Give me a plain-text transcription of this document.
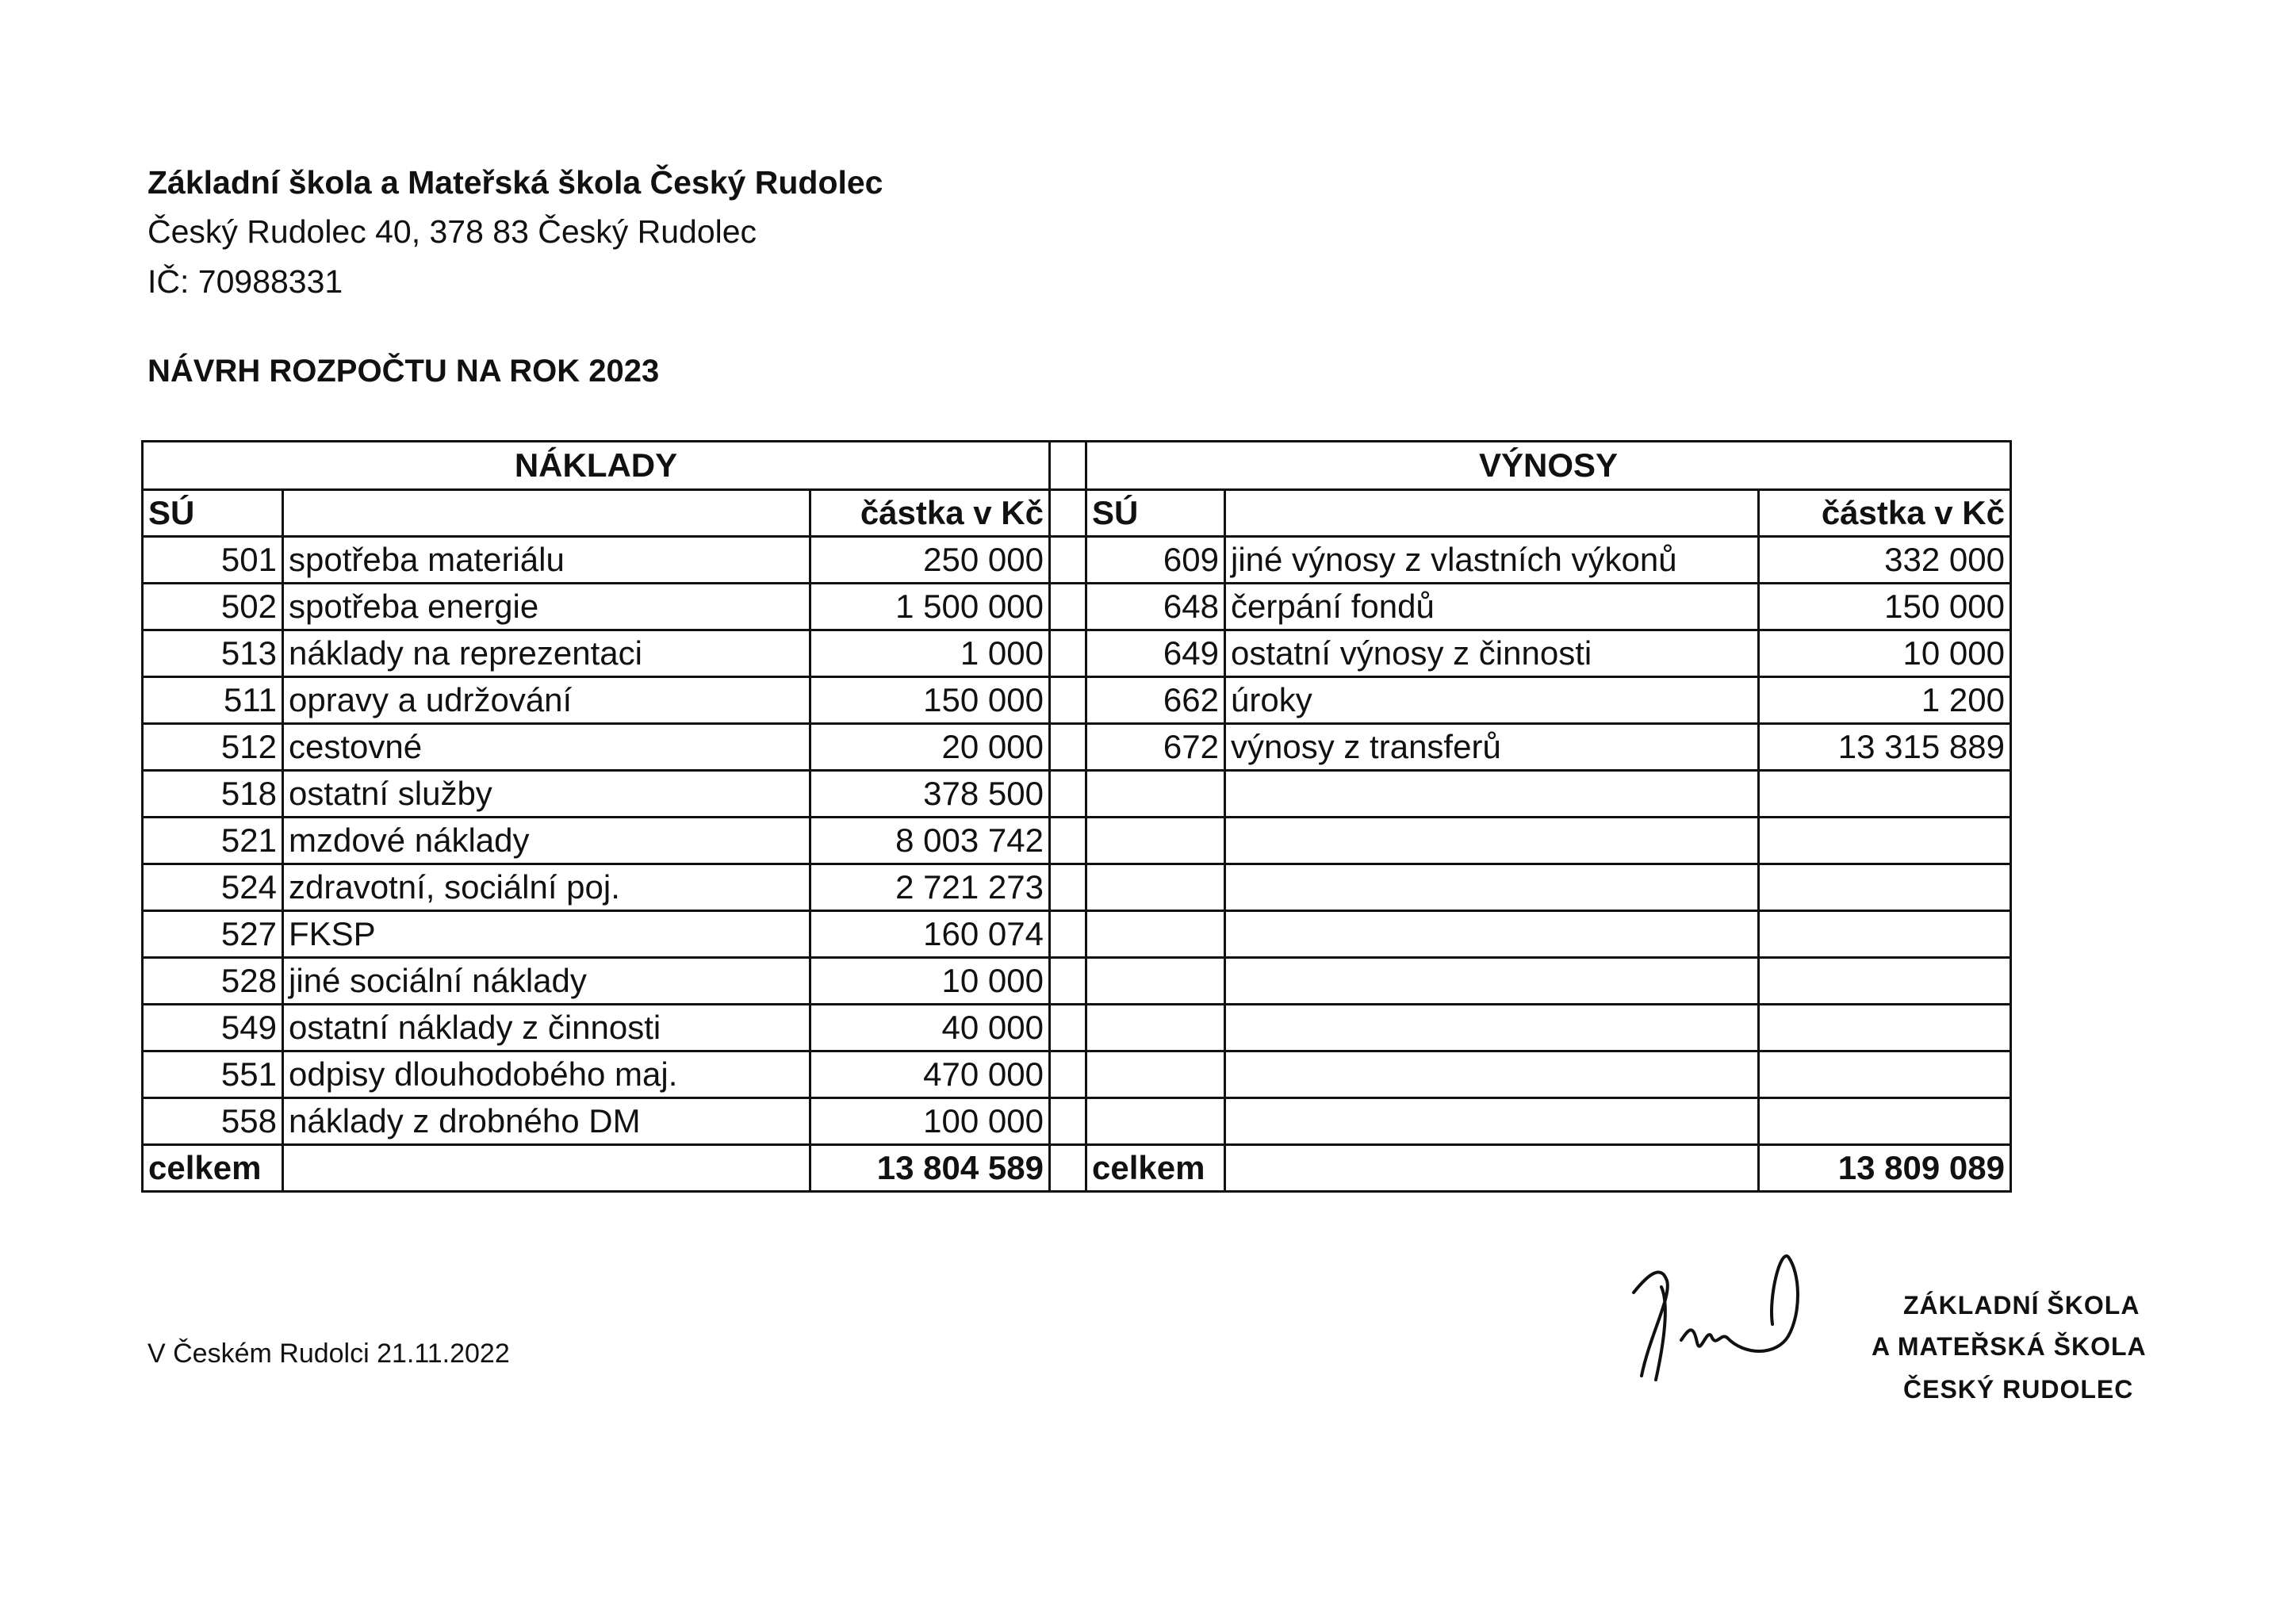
Základní škola a Mateřská škola Český Rudolec
Český Rudolec 40, 378 83 Český Rudolec
IČ: 70988331
NÁVRH ROZPOČTU NA ROK 2023
NÁKLADY				VÝNOSY		
SÚ		částka v Kč		SÚ		částka v Kč
501	spotřeba materiálu	250 000		609	jiné výnosy z vlastních výkonů	332 000
502	spotřeba energie	1 500 000		648	čerpání fondů	150 000
513	náklady na reprezentaci	1 000		649	ostatní výnosy z činnosti	10 000
511	opravy a udržování	150 000		662	úroky	1 200
512	cestovné	20 000		672	výnosy z transferů	13 315 889
518	ostatní služby	378 500				
521	mzdové náklady	8 003 742				
524	zdravotní, sociální poj.	2 721 273				
527	FKSP	160 074				
528	jiné sociální náklady	10 000				
549	ostatní náklady z činnosti	40 000				
551	odpisy dlouhodobého maj.	470 000				
558	náklady z drobného DM	100 000				
celkem		13 804 589		celkem		13 809 089
V Českém Rudolci 21.11.2022
ZÁKLADNÍ ŠKOLA
A MATEŘSKÁ ŠKOLA
ČESKÝ RUDOLEC
